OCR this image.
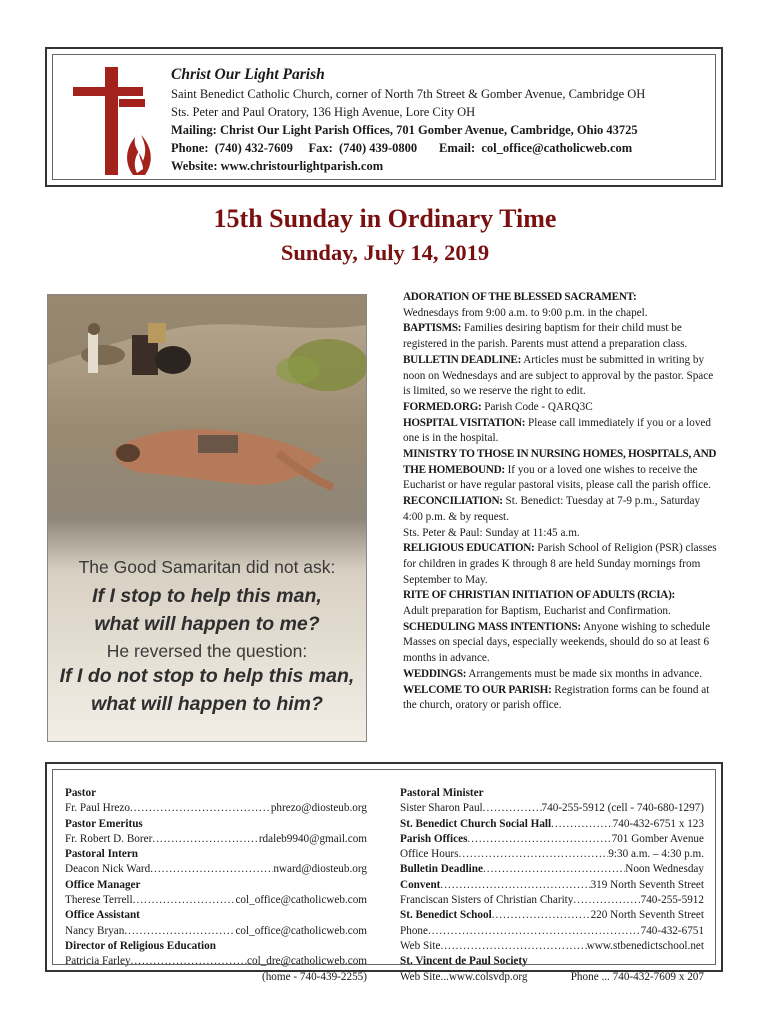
Christ Our Light Parish
Saint Benedict Catholic Church, corner of North 7th Street & Gomber Avenue, Cambridge OH
Sts. Peter and Paul Oratory, 136 High Avenue, Lore City OH
Mailing: Christ Our Light Parish Offices, 701 Gomber Avenue, Cambridge, Ohio 43725
Phone:  (740) 432-7609     Fax:  (740) 439-0800       Email:  col_office@catholicweb.com
Website: www.christourlightparish.com
15th Sunday in Ordinary Time
Sunday, July 14, 2019
The Good Samaritan did not ask:
If I stop to help this man,
what will happen to me?
He reversed the question:
If I do not stop to help this man,
what will happen to him?

ADORATION OF THE BLESSED SACRAMENT:
Wednesdays from 9:00 a.m. to 9:00 p.m. in the chapel.

BAPTISMS: Families desiring baptism for their child must be registered in the parish. Parents must attend a preparation class.

BULLETIN DEADLINE: Articles must be submitted in writing by noon on Wednesdays and are subject to approval by the pastor. Space is limited, so we reserve the right to edit.

FORMED.ORG: Parish Code - QARQ3C

HOSPITAL VISITATION: Please call immediately if you or a loved one is in the hospital.

MINISTRY TO THOSE IN NURSING HOMES, HOSPITALS, AND THE HOMEBOUND: If you or a loved one wishes to receive the Eucharist or have regular pastoral visits, please call the parish office.

RECONCILIATION: St. Benedict: Tuesday at 7-9 p.m., Saturday 4:00 p.m. & by request.

Sts. Peter & Paul: Sunday at 11:45 a.m.

RELIGIOUS EDUCATION: Parish School of Religion (PSR) classes for children in grades K through 8 are held Sunday mornings from September to May.

RITE OF CHRISTIAN INITIATION OF ADULTS (RCIA):
Adult preparation for Baptism, Eucharist and Confirmation.

SCHEDULING MASS INTENTIONS: Anyone wishing to schedule Masses on special days, especially weekends, should do so at least 6 months in advance.

WEDDINGS: Arrangements must be made six months in advance.

WELCOME TO OUR PARISH: Registration forms can be found at the church, oratory or parish office.

Pastor
Fr. Paul Hrezo .....	phrezo@diosteub.org
Pastor Emeritus
Fr. Robert D. Borer .....	rdaleb9940@gmail.com
Pastoral Intern
Deacon Nick Ward .....	nward@diosteub.org
Office Manager
Therese Terrell .....	col_office@catholicweb.com
Office Assistant
Nancy Bryan .....	col_office@catholicweb.com
Director of Religious Education
Patricia Farley .....	col_dre@catholicweb.com
(home - 740-439-2255)
Pastoral Minister
Sister Sharon Paul .....	740-255-5912 (cell - 740-680-1297)
St. Benedict Church Social Hall .....	740-432-6751 x 123
Parish Offices .....	701 Gomber Avenue
Office Hours .....	9:30 a.m. – 4:30 p.m.
Bulletin Deadline .....	Noon Wednesday
Convent .....	319 North Seventh Street
Franciscan Sisters of Christian Charity .....	740-255-5912
St. Benedict School .....	220 North Seventh Street
Phone .....	740-432-6751
Web Site .....	www.stbenedictschool.net
St. Vincent de Paul Society
Web Site...www.colsvdp.org	Phone ... 740-432-7609 x 207
